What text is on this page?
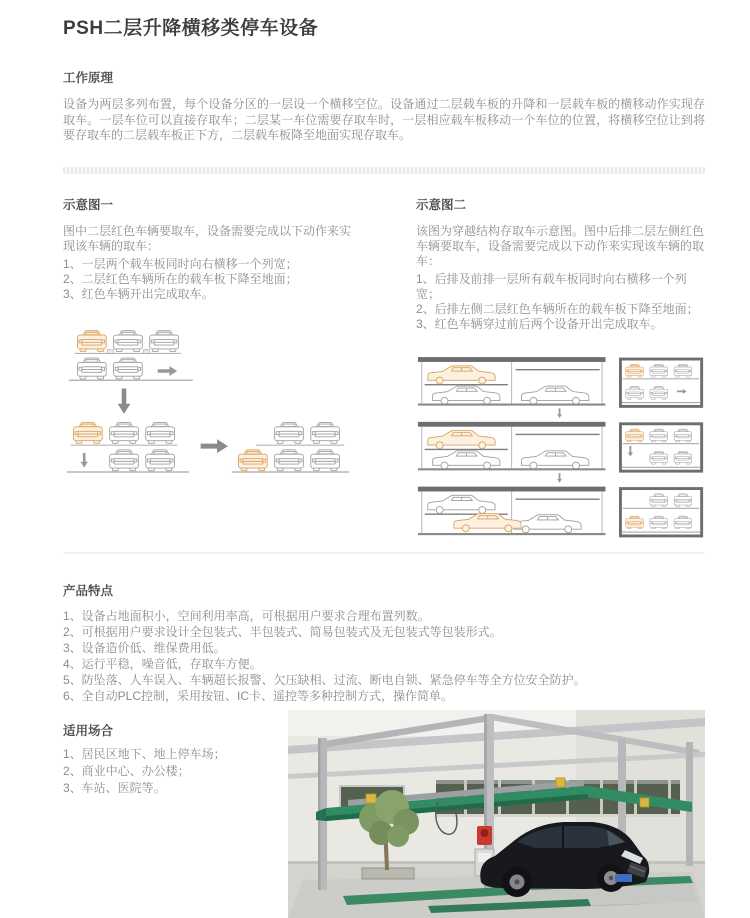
PSH二层升降横移类停车设备
工作原理

设备为两层多列布置，每个设备分区的一层设一个横移空位。设备通过二层载车板的升降和一层载车板的横移动作实现存取车。一层车位可以直接存取车；二层某一车位需要存取车时，一层相应载车板移动一个车位的位置，将横移空位让到将要存取车的二层载车板正下方，二层载车板降至地面实现存取车。

示意图一

图中二层红色车辆要取车，设备需要完成以下动作来实现该车辆的取车：

1、一层两个载车板同时向右横移一个列宽；
2、二层红色车辆所在的载车板下降至地面；
3、红色车辆开出完成取车。
示意图二

该图为穿越结构存取车示意图。图中后排二层左侧红色车辆要取车，设备需要完成以下动作来实现该车辆的取车：

1、后排及前排一层所有载车板同时向右横移一个列宽；
2、后排左侧二层红色车辆所在的载车板下降至地面；
3、红色车辆穿过前后两个设备开出完成取车。
产品特点
1、设备占地面积小，空间利用率高，可根据用户要求合理布置列数。
2、可根据用户要求设计全包装式、半包装式、简易包装式及无包装式等包装形式。
3、设备造价低、维保费用低。
4、运行平稳，噪音低，存取车方便。
5、防坠落、人车误入、车辆超长报警、欠压缺相、过流、断电自锁、紧急停车等全方位安全防护。
6、全自动PLC控制，采用按钮、IC卡、遥控等多种控制方式，操作简单。
适用场合
1、居民区地下、地上停车场；
2、商业中心、办公楼；
3、车站、医院等。
